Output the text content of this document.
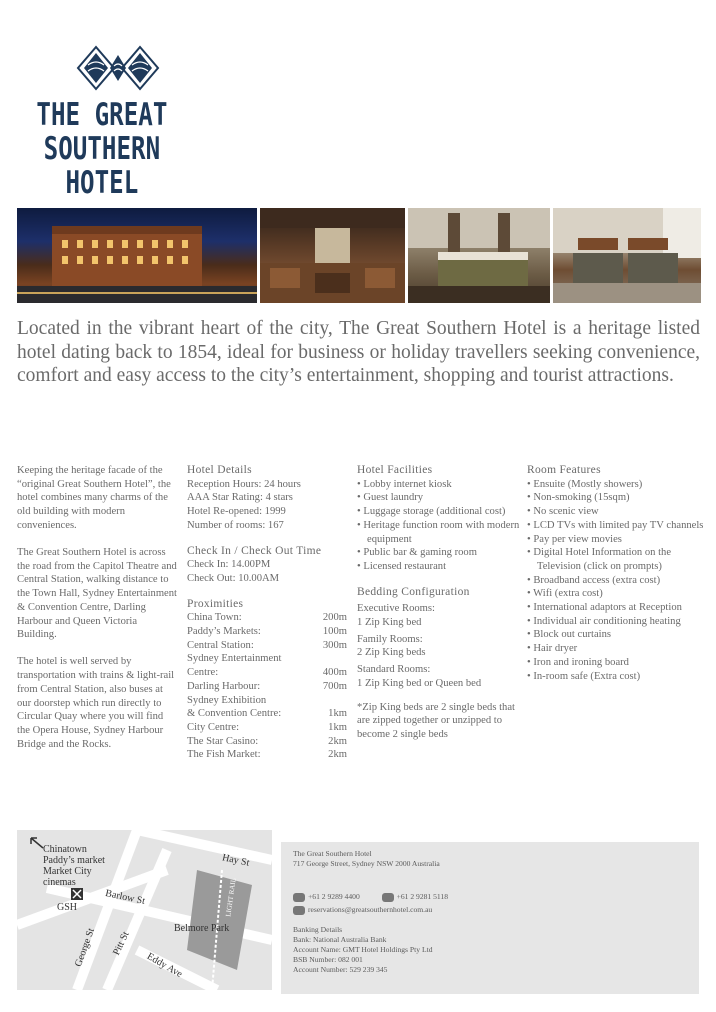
THE GREAT
SOUTHERN HOTEL
Located in the vibrant heart of the city, The Great Southern Hotel is a heritage listed hotel dating back to 1854, ideal for business or holiday travellers seeking convenience, comfort and easy access to the city’s entertainment, shopping and tourist attractions.

Keeping the heritage facade of the “original Great Southern Hotel”, the hotel combines many charms of the old building with modern conveniences.

The Great Southern Hotel is across the road from the Capitol Theatre and Central Station, walking distance to the Town Hall, Sydney Entertainment & Convention Centre, Darling Harbour and Queen Victoria Building.

The hotel is well served by transportation with trains & light-rail from Central Station, also buses at our doorstep which run directly to Circular Quay where you will find the Opera House, Sydney Harbour Bridge and the Rocks.

Hotel Details
Reception Hours: 24 hours
AAA Star Rating: 4 stars
Hotel Re-opened: 1999
Number of rooms: 167
Check In / Check Out Time
Check In: 14.00PM
Check Out: 10.00AM
Proximities
China Town:	200m
Paddy’s Markets:	100m
Central Station:	300m
Sydney Entertainment
Centre:	400m
Darling Harbour:	700m
Sydney Exhibition
& Convention Centre:	1km
City Centre:	1km
The Star Casino:	2km
The Fish Market:	2km
Hotel Facilities
• Lobby internet kiosk
• Guest laundry
• Luggage storage (additional cost)
• Heritage function room with modern equipment
• Public bar & gaming room
• Licensed restaurant
Bedding Configuration
Executive Rooms:
1 Zip King bed
Family Rooms:
2 Zip King beds
Standard Rooms:
1 Zip King bed or Queen bed
*Zip King beds are 2 single beds that are zipped together or unzipped to become 2 single beds
Room Features
• Ensuite (Mostly showers)
• Non-smoking (15sqm)
• No scenic view
• LCD TVs with limited pay TV channels
• Pay per view movies
• Digital Hotel Information on the Television (click on prompts)
• Broadband access (extra cost)
• Wifi (extra cost)
• International adaptors at Reception
• Individual air conditioning heating
• Block out curtains
• Hair dryer
• Iron and ironing board
• In-room safe (Extra cost)
Chinatown
Paddy’s market
Market City
cinemas
Hay St
Barlow St
GSH
Belmore Park
LIGHT RAIL
George St Pitt St
Eddy Ave
The Great Southern Hotel
717 George Street, Sydney NSW 2000 Australia
+61 2 9289 4400	+61 2 9281 5118
reservations@greatsouthernhotel.com.au
Banking Details
Bank: National Australia Bank
Account Name: GMT Hotel Holdings Pty Ltd
BSB Number: 082 001
Account Number: 529 239 345
